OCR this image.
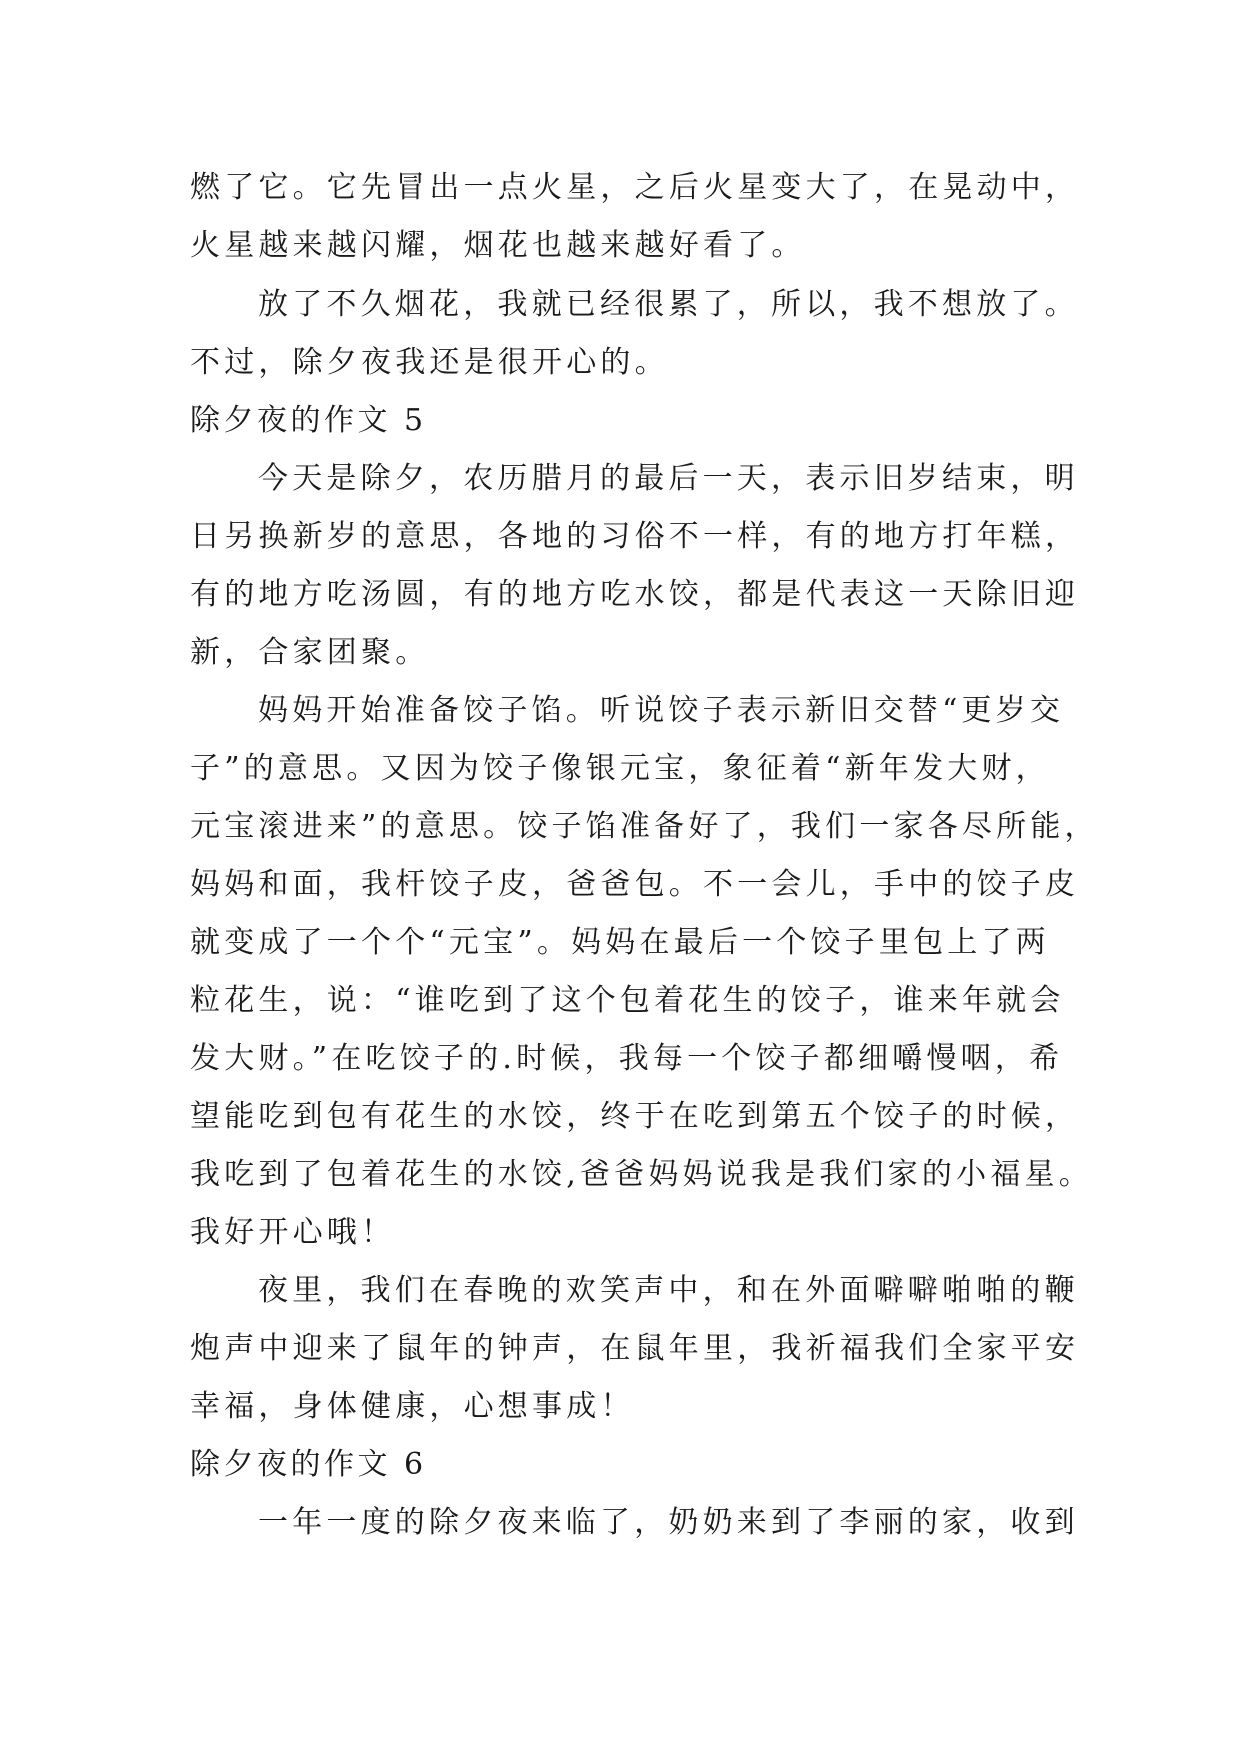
燃了它。它先冒出一点火星，之后火星变大了，在晃动中，
火星越来越闪耀，烟花也越来越好看了。
放了不久烟花，我就已经很累了，所以，我不想放了。
不过，除夕夜我还是很开心的。
除夕夜的作文 5
今天是除夕，农历腊月的最后一天，表示旧岁结束，明
日另换新岁的意思，各地的习俗不一样，有的地方打年糕，
有的地方吃汤圆，有的地方吃水饺，都是代表这一天除旧迎
新，合家团聚。
妈妈开始准备饺子馅。听说饺子表示新旧交替“更岁交
子”的意思。又因为饺子像银元宝，象征着“新年发大财，
元宝滚进来”的意思。饺子馅准备好了，我们一家各尽所能，
妈妈和面，我杆饺子皮，爸爸包。不一会儿，手中的饺子皮
就变成了一个个“元宝”。妈妈在最后一个饺子里包上了两
粒花生，说：“谁吃到了这个包着花生的饺子，谁来年就会
发大财。”在吃饺子的.时候，我每一个饺子都细嚼慢咽，希
望能吃到包有花生的水饺，终于在吃到第五个饺子的时候，
我吃到了包着花生的水饺,爸爸妈妈说我是我们家的小福星。
我好开心哦！
夜里，我们在春晚的欢笑声中，和在外面噼噼啪啪的鞭
炮声中迎来了鼠年的钟声，在鼠年里，我祈福我们全家平安
幸福，身体健康，心想事成！
除夕夜的作文 6
一年一度的除夕夜来临了，奶奶来到了李丽的家，收到
